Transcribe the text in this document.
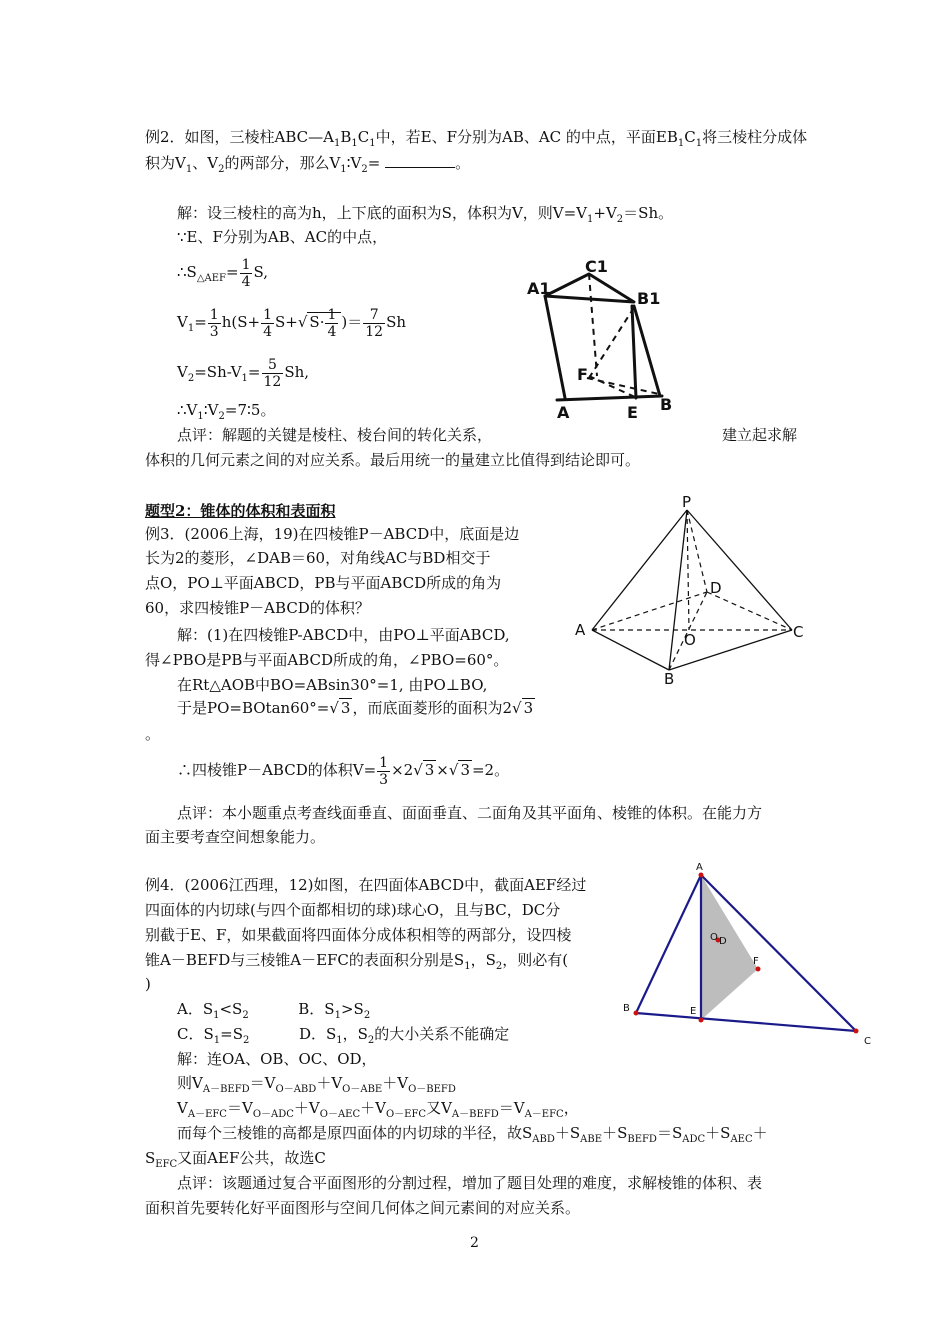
例2．如图，三棱柱$ABC—A_1B_1C_1$中，若E、F分别为AB、AC 的中点，平面$EB_1C_1$将三棱柱分成体
积为$V_1$、$V_2$的两部分，那么$V_1∶V_2=$	。
解：设三棱柱的高为h，上下底的面积为S，体积为V，则$V=V_1+V_2=Sh$。
∵E、F分别为AB、AC的中点，
$\therefore S_{\triangle AEF}= \frac{1}{4} S$,
$V_1= \frac{1}{3} h(S+ \frac{1}{4} S+√$ $S\cdot \frac{1}{4}$ )＝ $\frac{7}{12}$ Sh
$V_2=Sh-V_1= \frac{5}{12} Sh$,
$\therefore V_1∶V_2=7∶5$。
点评：解题的关键是棱柱、棱台间的转化关系，	建立起求解
体积的几何元素之间的对应关系。最后用统一的量建立比值得到结论即可。
A1
C1
B1
F
A	E B
题型2：锥体的体积和表面积
例3．(2006上海，19)在四棱锥P－ABCD中，底面是边
长为2的菱形，∠DAB＝60，对角线AC与BD相交于
点O，PO⊥平面ABCD，PB与平面ABCD所成的角为
60，求四棱锥P－ABCD的体积？
解：(1)在四棱锥P-ABCD中，由PO⊥平面ABCD,
得∠PBO是PB与平面ABCD所成的角，∠PBO=60°。
在Rt△AOB中BO=ABsin30°=1, 由PO⊥BO,
于是PO=BOtan60°=√ 3 ，而底面菱形的面积为2√ 3
。
∴四棱锥P－ABCD的体积$V= \frac{1}{3} \times 2√$ 3 ×√ 3 =2。
点评：本小题重点考查线面垂直、面面垂直、二面角及其平面角、棱锥的体积。在能力方
面主要考查空间想象能力。
P
D
A
O	C
B
例4．(2006江西理，12)如图，在四面体ABCD中，截面AEF经过
四面体的内切球(与四个面都相切的球)球心O，且与BC，DC分
别截于E、F，如果截面将四面体分成体积相等的两部分，设四棱
锥A－BEFD与三棱锥A－EFC的表面积分别是$S_1$，$S_2$，则必有(
)
A．$S_1<S_2$	B．$S_1>S_2$
C．$S_1=S_2$	D．$S_1$，$S_2$的大小关系不能确定
解：连OA、OB、OC、OD，
则$V_{A-BEFD}=V_{O-ABD}+V_{O-ABE}+V_{O-BEFD}$
$V_{A-EFC}=V_{O-ADC}+V_{O-AEC}+V_{O-EFC}$又$V_{A-BEFD}=V_{A-EFC}$，
而每个三棱锥的高都是原四面体的内切球的半径，故$S_{ABD}+S_{ABE}+S_{BEFD}=S_{ADC}+S_{AEC}+$
$S_{EFC}$又面AEF公共，故选C
点评：该题通过复合平面图形的分割过程，增加了题目处理的难度，求解棱锥的体积、表
面积首先要转化好平面图形与空间几何体之间元素间的对应关系。
A
O D
F
B	E
C
2
